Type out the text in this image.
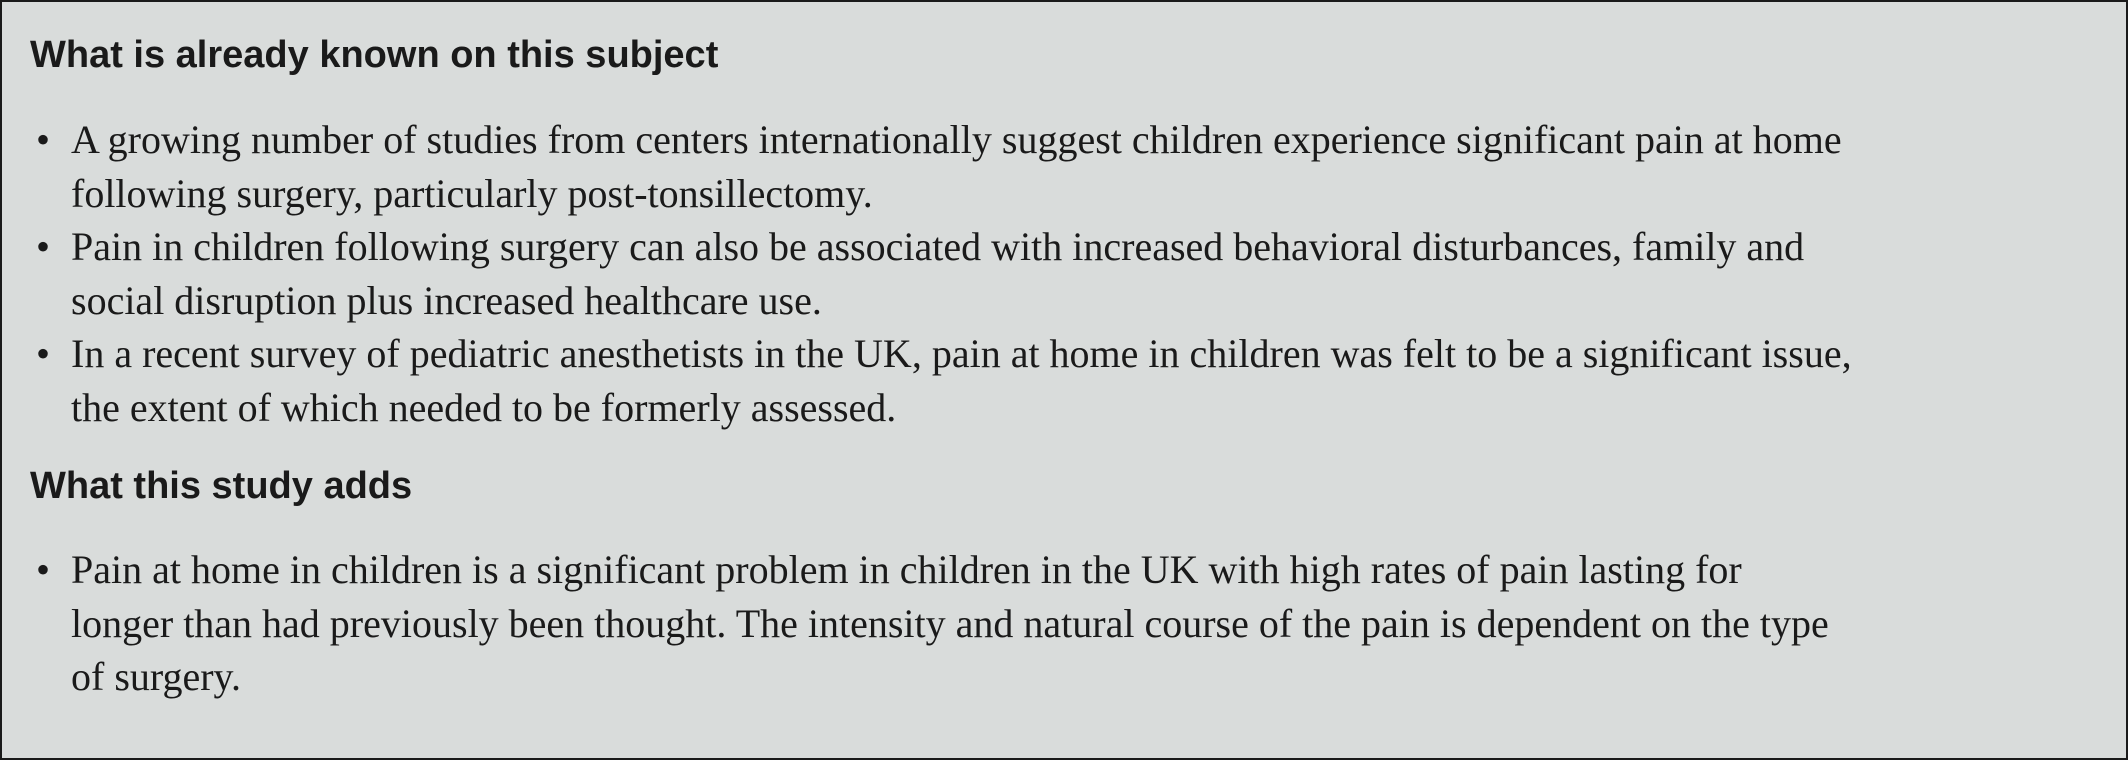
What is already known on this subject
• A growing number of studies from centers internationally suggest children experience significant pain at home
following surgery, particularly post-tonsillectomy.
• Pain in children following surgery can also be associated with increased behavioral disturbances, family and
social disruption plus increased healthcare use.
• In a recent survey of pediatric anesthetists in the UK, pain at home in children was felt to be a significant issue,
the extent of which needed to be formerly assessed.
What this study adds
• Pain at home in children is a significant problem in children in the UK with high rates of pain lasting for
longer than had previously been thought. The intensity and natural course of the pain is dependent on the type
of surgery.
